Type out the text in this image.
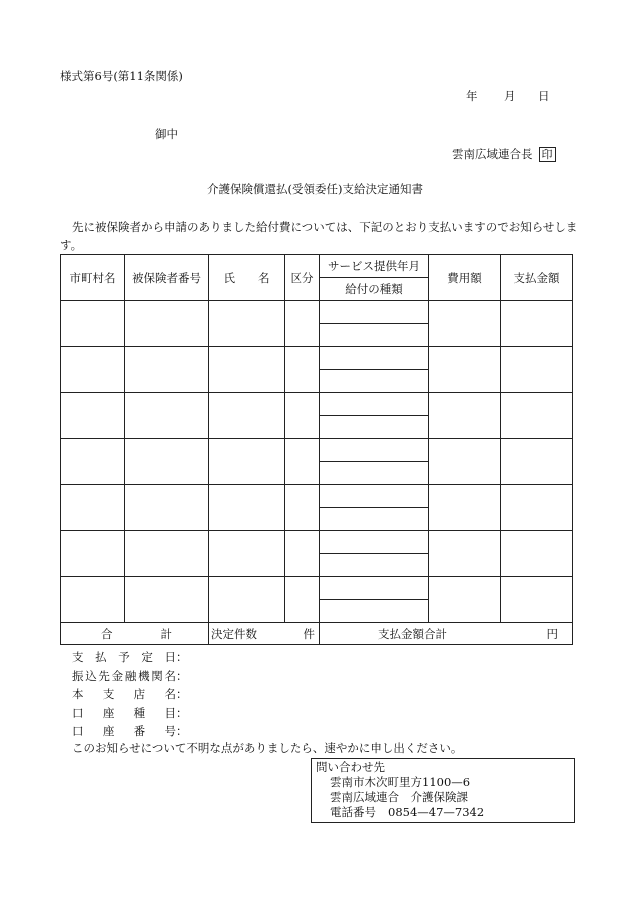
様式第6号(第11条関係)
年 月 日
御中
雲南広域連合長 印
介護保険償還払(受領委任)支給決定通知書
先に被保険者から申請のありました給付費については、下記のとおり支払いますのでお知らせします。
市町村名	被保険者番号	氏　　名	区分	サービス提供年月	費用額	支払金額
				給付の種類		

合 計		決定件数 件		支払金額合計 円		
支払予定日：
振込先金融機関名：
本支店名：
口座種目：
口座番号：
このお知らせについて不明な点がありましたら、速やかに申し出ください。
問い合わせ先
雲南市木次町里方1100—6
雲南広域連合　介護保険課
電話番号 0854—47—7342
